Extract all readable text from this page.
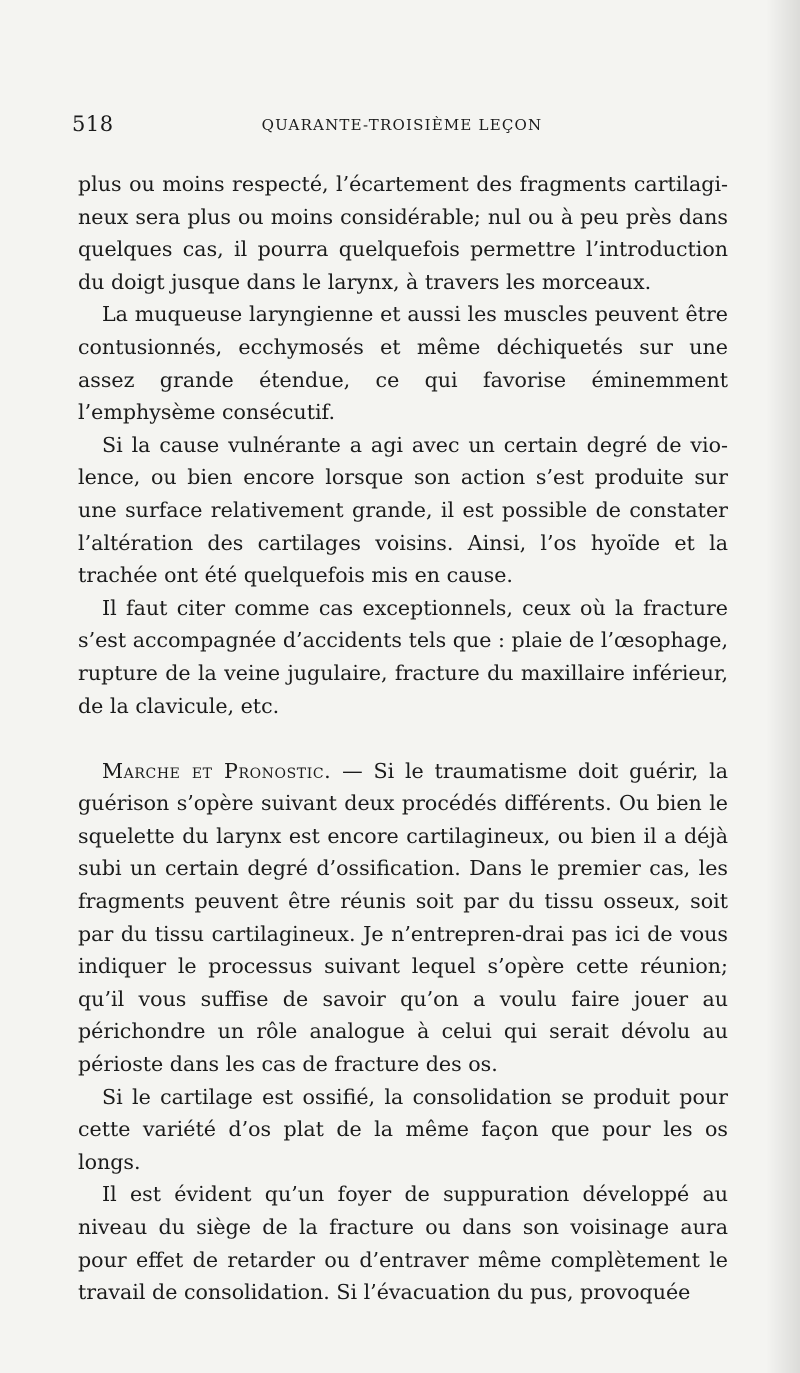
518	QUARANTE-TROISIÈME LEÇON

plus ou moins respecté, l’écartement des fragments cartilagi-neux sera plus ou moins considérable; nul ou à peu près dans quelques cas, il pourra quelquefois permettre l’introduction du doigt jusque dans le larynx, à travers les morceaux.

La muqueuse laryngienne et aussi les muscles peuvent être contusionnés, ecchymosés et même déchiquetés sur une assez grande étendue, ce qui favorise éminemment l’emphysème consécutif.

Si la cause vulnérante a agi avec un certain degré de vio-lence, ou bien encore lorsque son action s’est produite sur une surface relativement grande, il est possible de constater l’altération des cartilages voisins. Ainsi, l’os hyoïde et la trachée ont été quelquefois mis en cause.

Il faut citer comme cas exceptionnels, ceux où la fracture s’est accompagnée d’accidents tels que : plaie de l’œsophage, rupture de la veine jugulaire, fracture du maxillaire inférieur, de la clavicule, etc.

Marche et Pronostic. — Si le traumatisme doit guérir, la guérison s’opère suivant deux procédés différents. Ou bien le squelette du larynx est encore cartilagineux, ou bien il a déjà subi un certain degré d’ossification. Dans le premier cas, les fragments peuvent être réunis soit par du tissu osseux, soit par du tissu cartilagineux. Je n’entrepren-drai pas ici de vous indiquer le processus suivant lequel s’opère cette réunion; qu’il vous suffise de savoir qu’on a voulu faire jouer au périchondre un rôle analogue à celui qui serait dévolu au périoste dans les cas de fracture des os.

Si le cartilage est ossifié, la consolidation se produit pour cette variété d’os plat de la même façon que pour les os longs.

Il est évident qu’un foyer de suppuration développé au niveau du siège de la fracture ou dans son voisinage aura pour effet de retarder ou d’entraver même complètement le travail de consolidation. Si l’évacuation du pus, provoquée
